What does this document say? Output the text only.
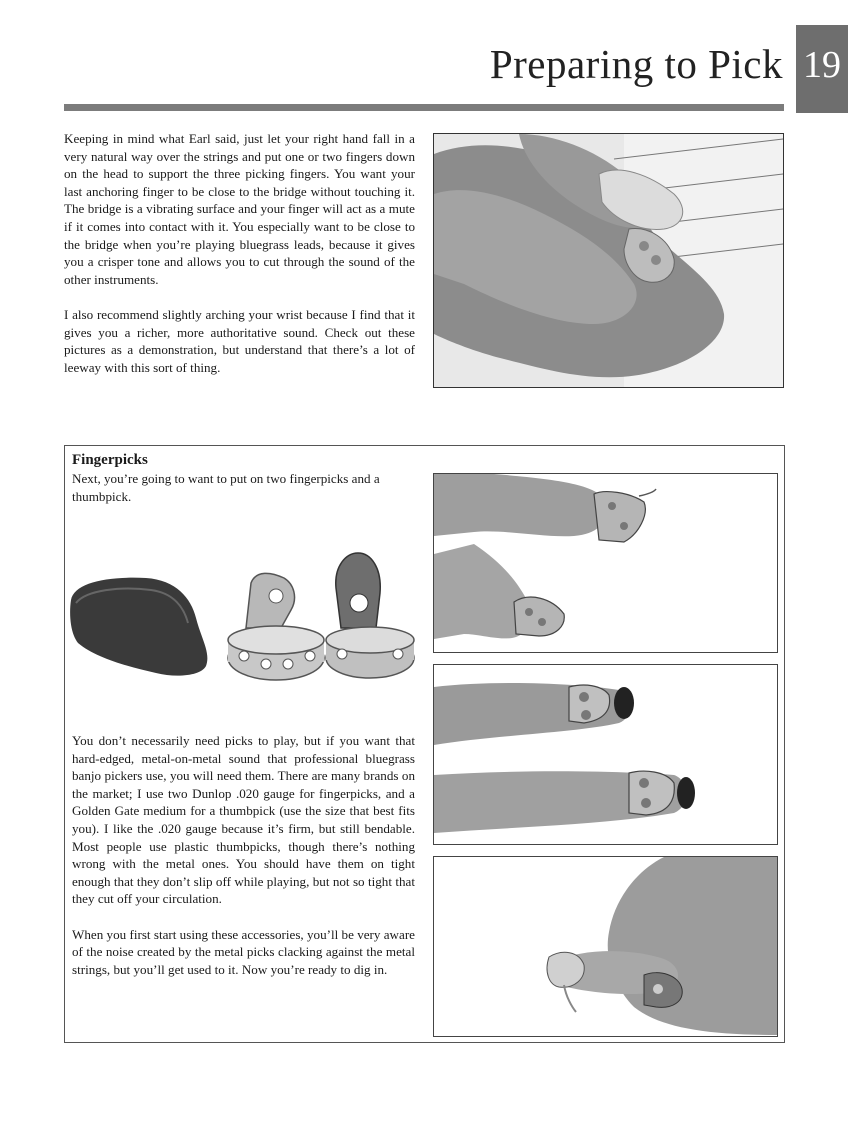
Preparing to Pick 19

Keeping in mind what Earl said, just let your right hand fall in a very natural way over the strings and put one or two fingers down on the head to support the three picking fingers. You want your last anchoring finger to be close to the bridge without touching it. The bridge is a vibrating surface and your finger will act as a mute if it comes into contact with it. You especially want to be close to the bridge when you’re playing bluegrass leads, because it gives you a crisper tone and allows you to cut through the sound of the other instruments.

I also recommend slightly arching your wrist because I find that it gives you a richer, more authoritative sound. Check out these pictures as a demonstration, but understand that there’s a lot of leeway with this sort of thing.

Fingerpicks
Next, you’re going to want to put on two fingerpicks and a thumbpick.

You don’t necessarily need picks to play, but if you want that hard-edged, metal-on-metal sound that professional bluegrass banjo pickers use, you will need them. There are many brands on the market; I use two Dunlop .020 gauge for fingerpicks, and a Golden Gate medium for a thumbpick (use the size that best fits you). I like the .020 gauge because it’s firm, but still bendable. Most people use plastic thumbpicks, though there’s nothing wrong with the metal ones. You should have them on tight enough that they don’t slip off while playing, but not so tight that they cut off your circulation.

When you first start using these accessories, you’ll be very aware of the noise created by the metal picks clacking against the metal strings, but you’ll get used to it. Now you’re ready to dig in.
